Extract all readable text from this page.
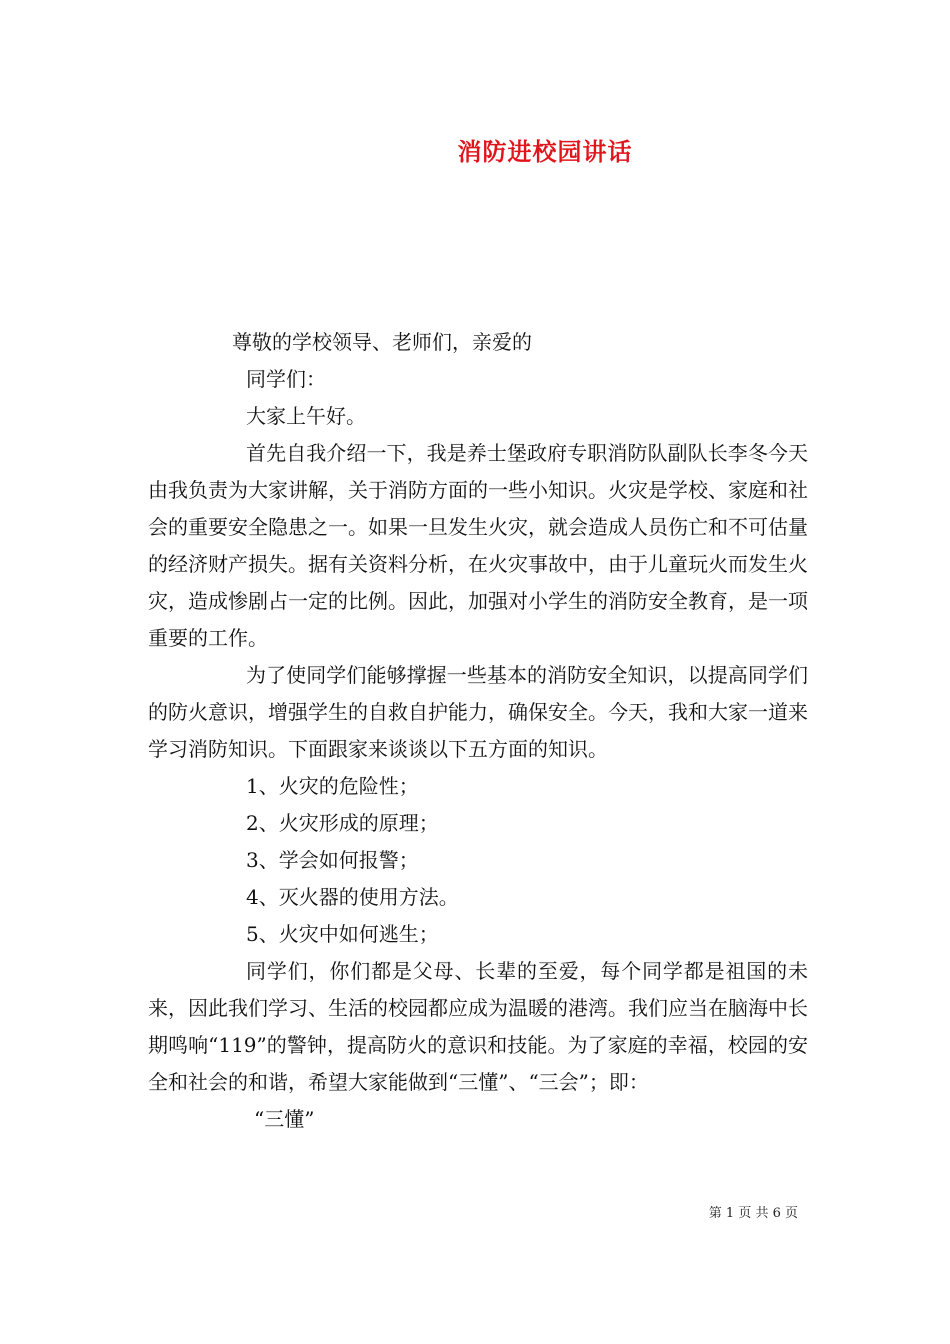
消防进校园讲话

尊敬的学校领导、老师们，亲爱的

同学们：

大家上午好。

首先自我介绍一下，我是养士堡政府专职消防队副队长李冬今天由我负责为大家讲解，关于消防方面的一些小知识。火灾是学校、家庭和社会的重要安全隐患之一。如果一旦发生火灾，就会造成人员伤亡和不可估量的经济财产损失。据有关资料分析，在火灾事故中，由于儿童玩火而发生火灾，造成惨剧占一定的比例。因此，加强对小学生的消防安全教育，是一项重要的工作。

为了使同学们能够撑握一些基本的消防安全知识，以提高同学们的防火意识，增强学生的自救自护能力，确保安全。今天，我和大家一道来学习消防知识。下面跟家来谈谈以下五方面的知识。

1、火灾的危险性；

2、火灾形成的原理；

3、学会如何报警；

4、灭火器的使用方法。

5、火灾中如何逃生；

同学们，你们都是父母、长辈的至爱，每个同学都是祖国的未来，因此我们学习、生活的校园都应成为温暖的港湾。我们应当在脑海中长期鸣响“119”的警钟，提高防火的意识和技能。为了家庭的幸福，校园的安全和社会的和谐，希望大家能做到“三懂”、“三会”；即：

“三懂”

第 1 页 共 6 页
